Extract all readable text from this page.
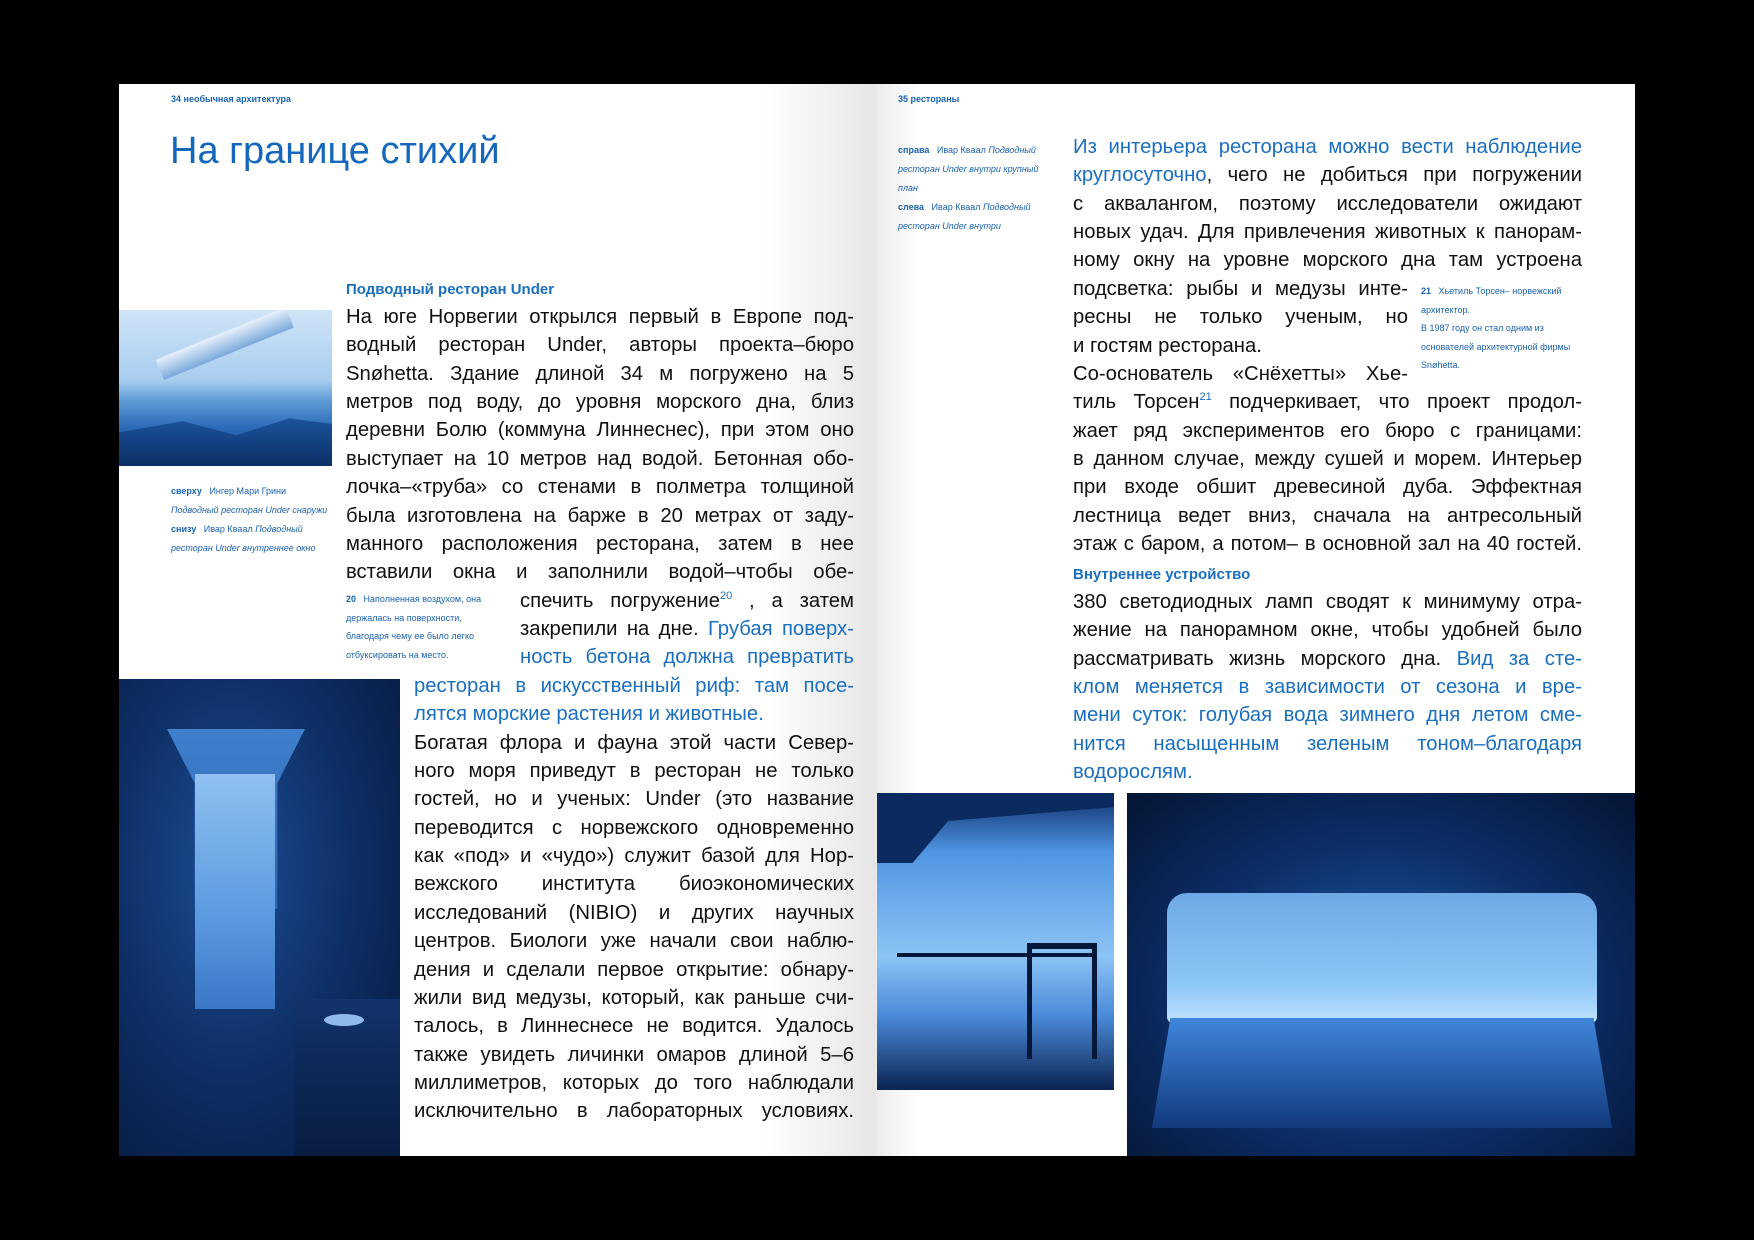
34 необычная архитектура
На границе стихий
Подводный ресторан Under
сверху Ингер Мари Грини Подводный ресторан Under снаружи
снизу Ивар Квaал Подводный ресторан Under внутреннее окно
20 Наполненная воздухом, она держалась на поверхности, благодаря чему ее было легко отбуксировать на место.
На юге Норвегии открылся первый в Европе под-
водный ресторан Under, авторы проекта–бюро
Snøhetta. Здание длиной 34 м погружено на 5
метров под воду, до уровня морского дна, близ
деревни Болю (коммуна Линнеснес), при этом оно
выступает на 10 метров над водой. Бетонная обо-
лочка–«труба» со стенами в полметра толщиной
была изготовлена на барже в 20 метрах от заду-
манного расположения ресторана, затем в нее
вставили окна и заполнили водой–чтобы обе-
спечить погружение$^{20}$ , а затем
закрепили на дне. Грубая поверх-
ность бетона должна превратить
ресторан в искусственный риф: там посе-
лятся морские растения и животные.
Богатая флора и фауна этой части Север-
ного моря приведут в ресторан не только
гостей, но и ученых: Under (это название
переводится с норвежского одновременно
как «под» и «чудо») служит базой для Нор-
вежского института биоэкономических
исследований (NIBIO) и других научных
центров. Биологи уже начали свои наблю-
дения и сделали первое открытие: обнару-
жили вид медузы, который, как раньше счи-
талось, в Линнеснесе не водится. Удалось
также увидеть личинки омаров длиной 5–6
миллиметров, которых до того наблюдали
исключительно в лабораторных условиях.
35 рестораны
справа Ивар Квaал Подводный ресторан Under внутри крупный план
слева Ивар Квaал Подводный ресторан Under внутри
21 Хьетиль Торсен– норвежский архитектор.
В 1987 году он стал одним из основателей архитектурной фирмы Snøhetta.
Из интерьера ресторана можно вести наблюдение
круглосуточно, чего не добиться при погружении
с аквалангом, поэтому исследователи ожидают
новых удач. Для привлечения животных к панорам-
ному окну на уровне морского дна там устроена
подсветка: рыбы и медузы инте-
ресны не только ученым, но
и гостям ресторана.
Со-основатель «Снёхетты» Хье-
тиль Торсен$^{21}$ подчеркивает, что проект продол-
жает ряд экспериментов его бюро с границами:
в данном случае, между сушей и морем. Интерьер
при входе обшит древесиной дуба. Эффектная
лестница ведет вниз, сначала на антресольный
этаж с баром, а потом– в основной зал на 40 гостей.
380 светодиодных ламп сводят к минимуму отра-
жение на панорамном окне, чтобы удобней было
рассматривать жизнь морского дна. Вид за сте-
клом меняется в зависимости от сезона и вре-
мени суток: голубая вода зимнего дня летом сме-
нится насыщенным зеленым тоном–благодаря
водорослям.
Внутреннее устройство
